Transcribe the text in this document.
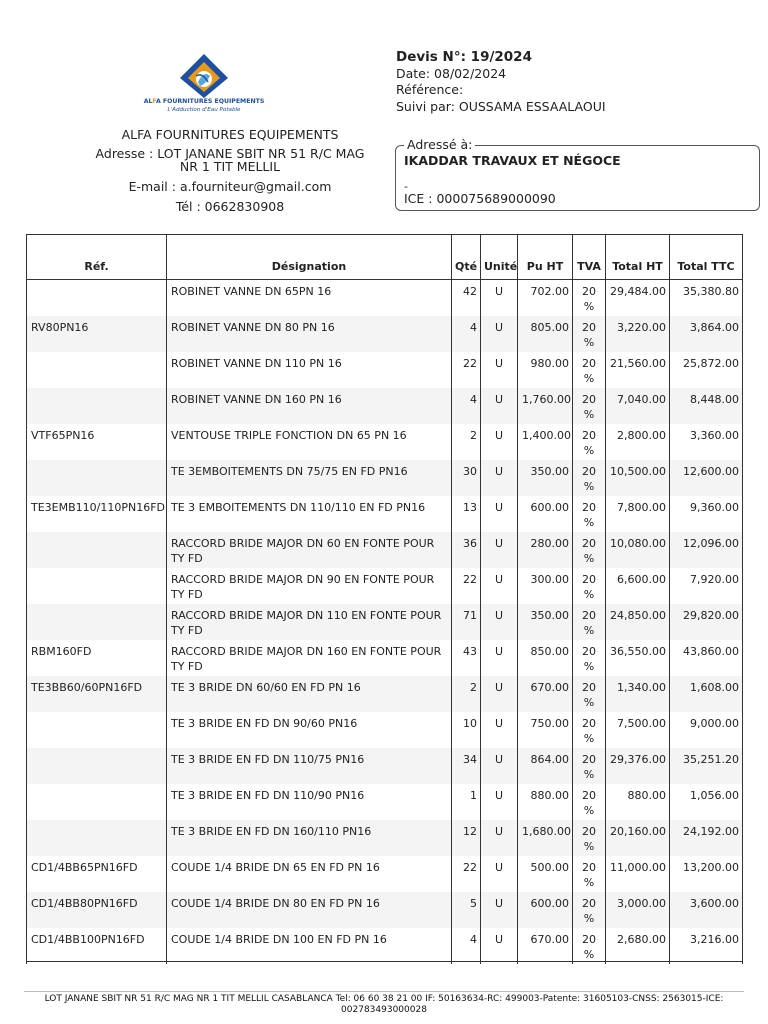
ALFA FOURNITURES EQUIPEMENTS
L'Adduction d'Eau Potable
ALFA FOURNITURES EQUIPEMENTS
Adresse : LOT JANANE SBIT NR 51 R/C MAG NR 1 TIT MELLIL
E-mail : a.fourniteur@gmail.com
Tél : 0662830908
Devis N°: 19/2024
Date: 08/02/2024
Référence:
Suivi par: OUSSAMA ESSAALAOUI
Adressé à:
IKADDAR TRAVAUX ET NÉGOCE
-
ICE : 000075689000090
Réf.	Désignation	Qté	Unité	Pu HT	TVA	Total HT	Total TTC
	ROBINET VANNE DN 65PN 16	42	U	702.00	20 %	29,484.00	35,380.80
RV80PN16	ROBINET VANNE DN 80 PN 16	4	U	805.00	20 %	3,220.00	3,864.00
	ROBINET VANNE DN 110 PN 16	22	U	980.00	20 %	21,560.00	25,872.00
	ROBINET VANNE DN 160 PN 16	4	U	1,760.00	20 %	7,040.00	8,448.00
VTF65PN16	VENTOUSE TRIPLE FONCTION DN 65 PN 16	2	U	1,400.00	20 %	2,800.00	3,360.00
	TE 3EMBOITEMENTS DN 75/75 EN FD PN16	30	U	350.00	20 %	10,500.00	12,600.00
TE3EMB110/110PN16FD	TE 3 EMBOITEMENTS DN 110/110 EN FD PN16	13	U	600.00	20 %	7,800.00	9,360.00
	RACCORD BRIDE MAJOR DN 60 EN FONTE POUR TY FD	36	U	280.00	20 %	10,080.00	12,096.00
	RACCORD BRIDE MAJOR DN 90 EN FONTE POUR TY FD	22	U	300.00	20 %	6,600.00	7,920.00
	RACCORD BRIDE MAJOR DN 110 EN FONTE POUR TY FD	71	U	350.00	20 %	24,850.00	29,820.00
RBM160FD	RACCORD BRIDE MAJOR DN 160 EN FONTE POUR TY FD	43	U	850.00	20 %	36,550.00	43,860.00
TE3BB60/60PN16FD	TE 3 BRIDE DN 60/60 EN FD PN 16	2	U	670.00	20 %	1,340.00	1,608.00
	TE 3 BRIDE EN FD DN 90/60 PN16	10	U	750.00	20 %	7,500.00	9,000.00
	TE 3 BRIDE EN FD DN 110/75 PN16	34	U	864.00	20 %	29,376.00	35,251.20
	TE 3 BRIDE EN FD DN 110/90 PN16	1	U	880.00	20 %	880.00	1,056.00
	TE 3 BRIDE EN FD DN 160/110 PN16	12	U	1,680.00	20 %	20,160.00	24,192.00
CD1/4BB65PN16FD	COUDE 1/4 BRIDE DN 65 EN FD PN 16	22	U	500.00	20 %	11,000.00	13,200.00
CD1/4BB80PN16FD	COUDE 1/4 BRIDE DN 80 EN FD PN 16	5	U	600.00	20 %	3,000.00	3,600.00
CD1/4BB100PN16FD	COUDE 1/4 BRIDE DN 100 EN FD PN 16	4	U	670.00	20 %	2,680.00	3,216.00
LOT JANANE SBIT NR 51 R/C MAG NR 1 TIT MELLIL CASABLANCA Tel: 06 60 38 21 00 IF: 50163634-RC: 499003-Patente: 31605103-CNSS: 2563015-ICE: 002783493000028
